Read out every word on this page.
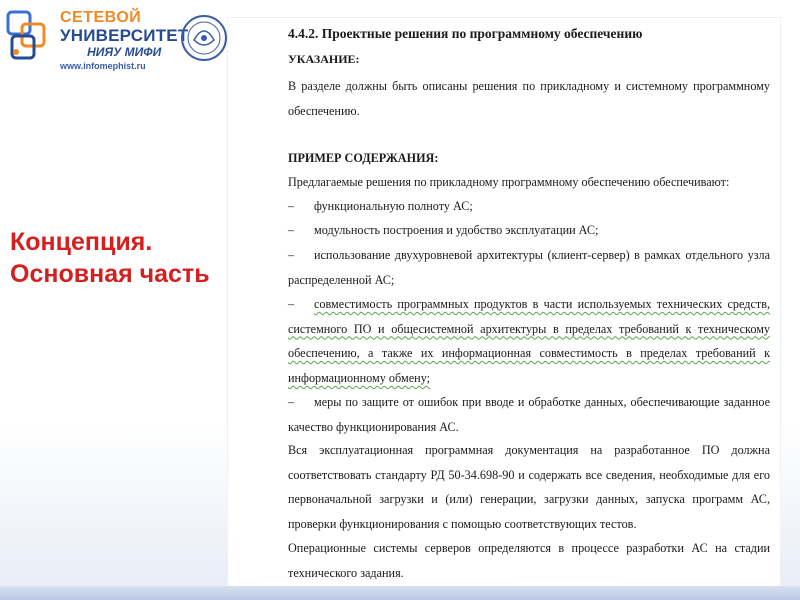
СЕТЕВОЙ
УНИВЕРСИТЕТ
НИЯУ МИФИ
www.infomephist.ru
Концепция. Основная часть

4.4.2. Проектные решения по программному обеспечению

УКАЗАНИЕ:

В разделе должны быть описаны решения по прикладному и системному программному обеспечению.

ПРИМЕР СОДЕРЖАНИЯ:

Предлагаемые решения по прикладному программному обеспечению обеспечивают:

– функциональную полноту АС;

– модульность построения и удобство эксплуатации АС;

– использование двухуровневой архитектуры (клиент-сервер) в рамках отдельного узла распределенной АС;

– совместимость программных продуктов в части используемых технических средств, системного ПО и общесистемной архитектуры в пределах требований к техническому обеспечению, а также их информационная совместимость в пределах требований к информационному обмену;

– меры по защите от ошибок при вводе и обработке данных, обеспечивающие заданное качество функционирования АС.

Вся эксплуатационная программная документация на разработанное ПО должна соответствовать стандарту РД 50-34.698-90 и содержать все сведения, необходимые для его первоначальной загрузки и (или) генерации, загрузки данных, запуска программ АС, проверки функционирования с помощью соответствующих тестов.

Операционные системы серверов определяются в процессе разработки АС на стадии технического задания.
